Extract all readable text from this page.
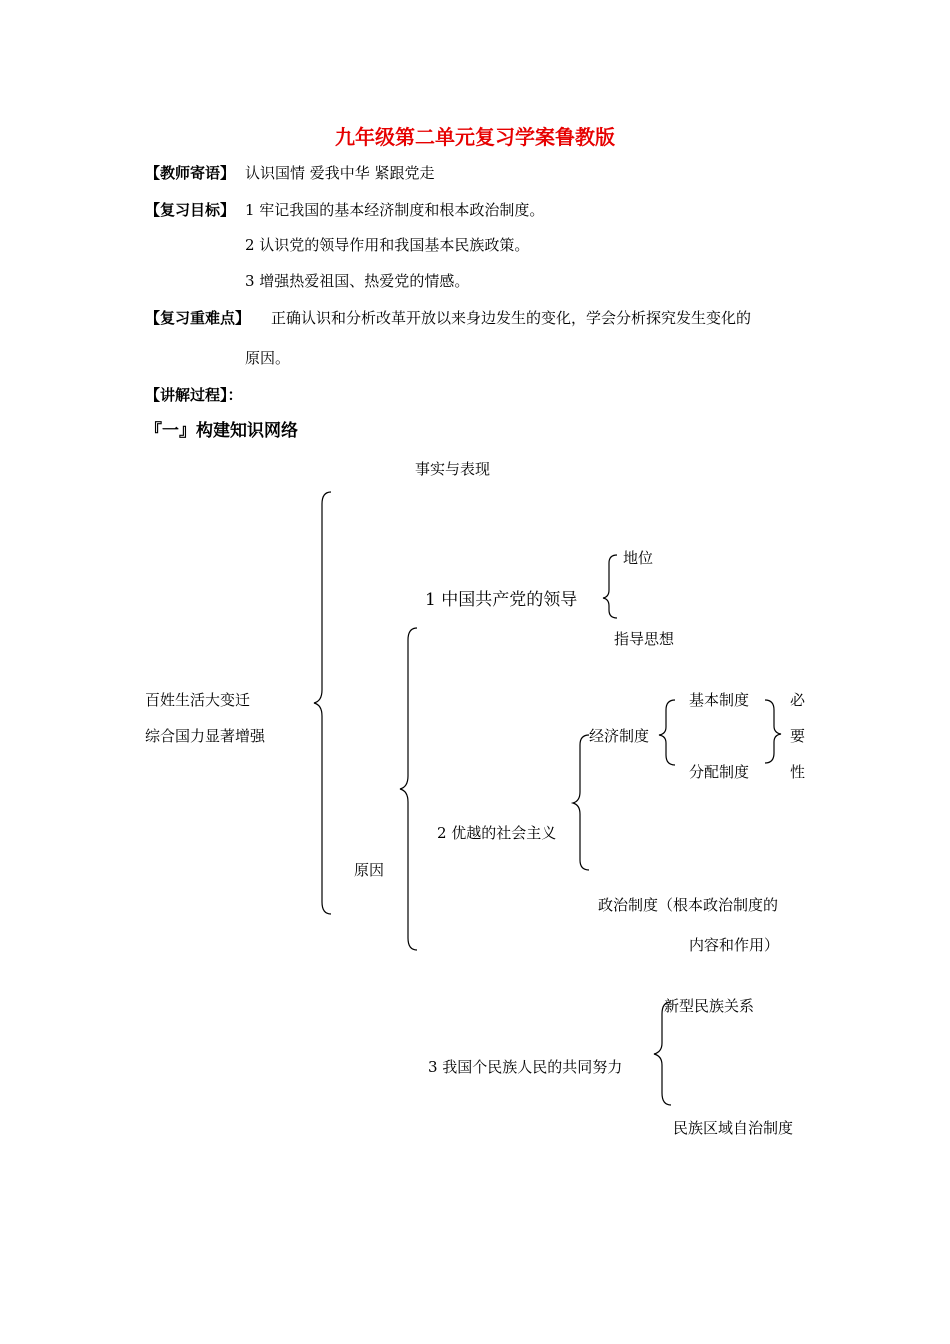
九年级第二单元复习学案鲁教版
【教师寄语】 认识国情 爱我中华 紧跟党走
【复习目标】 1 牢记我国的基本经济制度和根本政治制度。
2 认识党的领导作用和我国基本民族政策。
3 增强热爱祖国、热爱党的情感。
【复习重难点】 正确认识和分析改革开放以来身边发生的变化，学会分析探究发生变化的
原因。
【讲解过程】：
『一』构建知识网络
事实与表现
百姓生活大变迁
综合国力显著增强
原因
1 中国共产党的领导
地位
指导思想
2 优越的社会主义
经济制度
基本制度
分配制度
必
要
性
政治制度（根本政治制度的
内容和作用）
3 我国个民族人民的共同努力
新型民族关系
民族区域自治制度
